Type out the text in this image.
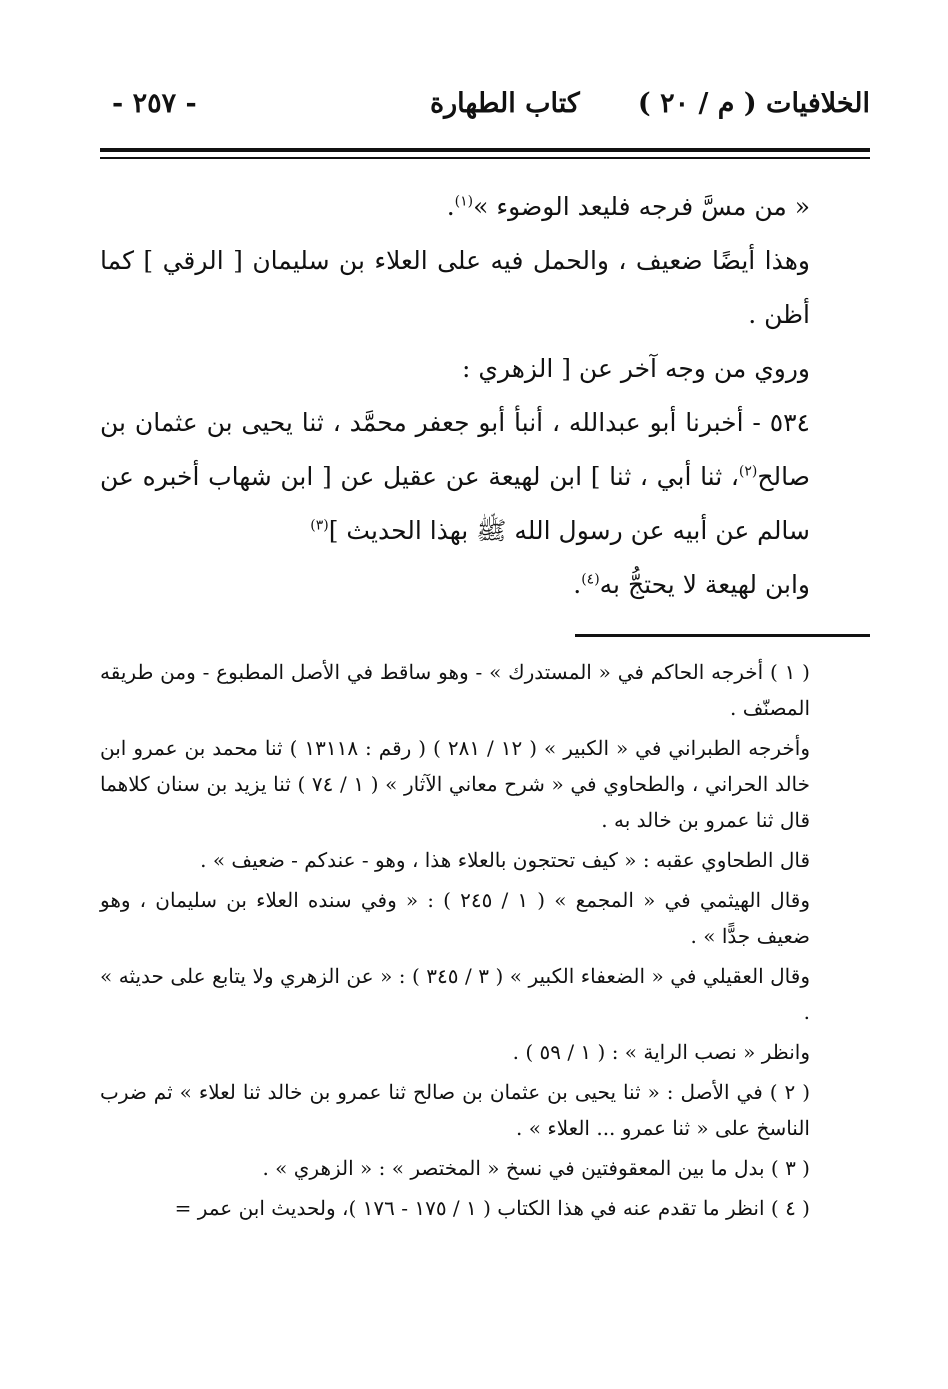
الخلافيات ( م / ٢٠ )
كتاب الطهارة
- ٢٥٧ -

« من مسَّ فرجه فليعد الوضوء »$^{(١)}$.

وهذا أيضًا ضعيف ، والحمل فيه على العلاء بن سليمان [ الرقي ] كما أظن .

وروي من وجه آخر عن [ الزهري :

٥٣٤ - أخبرنا أبو عبدالله ، أنبأ أبو جعفر محمَّد ، ثنا يحيى بن عثمان بن صالح$^{(٢)}$، ثنا أبي ، ثنا ] ابن لهيعة عن عقيل عن [ ابن شهاب أخبره عن سالم عن أبيه عن رسول الله ﷺ بهذا الحديث ]$^{(٣)}$

وابن لهيعة لا يحتجُّ به$^{(٤)}$.

( ١ ) أخرجه الحاكم في « المستدرك » - وهو ساقط في الأصل المطبوع - ومن طريقه المصنّف .

وأخرجه الطبراني في « الكبير » ( ١٢ / ٢٨١ ) ( رقم : ١٣١١٨ ) ثنا محمد بن عمرو ابن خالد الحراني ، والطحاوي في « شرح معاني الآثار » ( ١ / ٧٤ ) ثنا يزيد بن سنان كلاهما قال ثنا عمرو بن خالد به .

قال الطحاوي عقبه : « كيف تحتجون بالعلاء هذا ، وهو - عندكم - ضعيف » .

وقال الهيثمي في « المجمع » ( ١ / ٢٤٥ ) : « وفي سنده العلاء بن سليمان ، وهو ضعيف جدًّا » .

وقال العقيلي في « الضعفاء الكبير » ( ٣ / ٣٤٥ ) : « عن الزهري ولا يتابع على حديثه » .

وانظر « نصب الراية » : ( ١ / ٥٩ ) .

( ٢ ) في الأصل : « ثنا يحيى بن عثمان بن صالح ثنا عمرو بن خالد ثنا لعلاء » ثم ضرب الناسخ على « ثنا عمرو ... العلاء » .

( ٣ ) بدل ما بين المعقوفتين في نسخ « المختصر » : « الزهري » .

( ٤ ) انظر ما تقدم عنه في هذا الكتاب ( ١ / ١٧٥ - ١٧٦ )، ولحديث ابن عمر =
